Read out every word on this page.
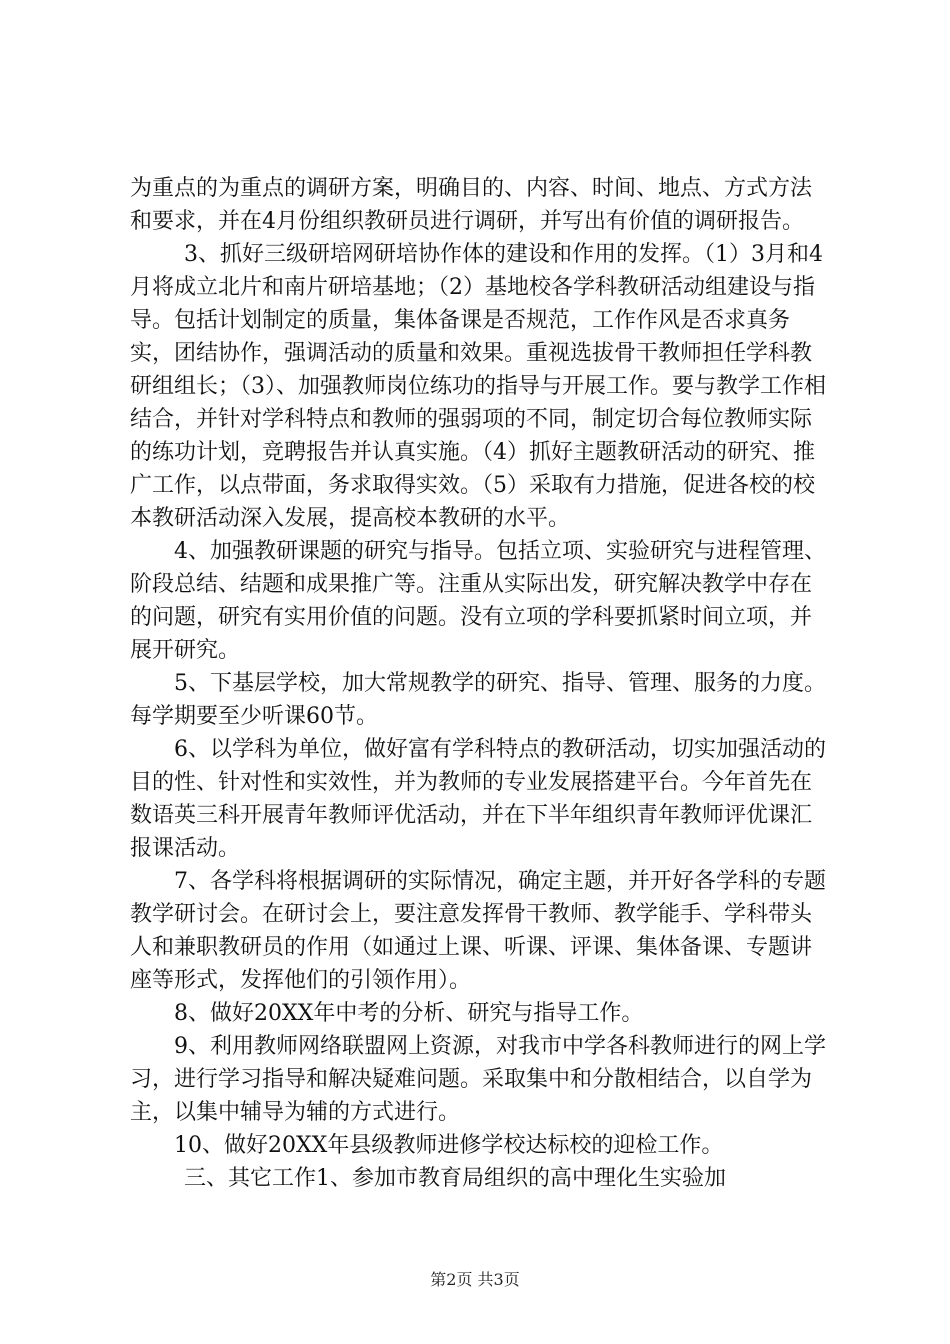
为重点的为重点的调研方案，明确目的、内容、时间、地点、方式方法和要求，并在4月份组织教研员进行调研，并写出有价值的调研报告。

3、抓好三级研培网研培协作体的建设和作用的发挥。（1）3月和4月将成立北片和南片研培基地；（2）基地校各学科教研活动组建设与指导。包括计划制定的质量，集体备课是否规范，工作作风是否求真务实，团结协作，强调活动的质量和效果。重视选拔骨干教师担任学科教研组组长；（3）、加强教师岗位练功的指导与开展工作。要与教学工作相结合，并针对学科特点和教师的强弱项的不同，制定切合每位教师实际的练功计划，竞聘报告并认真实施。（4）抓好主题教研活动的研究、推广工作，以点带面，务求取得实效。（5）采取有力措施，促进各校的校本教研活动深入发展，提高校本教研的水平。

4、加强教研课题的研究与指导。包括立项、实验研究与进程管理、阶段总结、结题和成果推广等。注重从实际出发，研究解决教学中存在的问题，研究有实用价值的问题。没有立项的学科要抓紧时间立项，并展开研究。

5、下基层学校，加大常规教学的研究、指导、管理、服务的力度。每学期要至少听课60节。

6、以学科为单位，做好富有学科特点的教研活动，切实加强活动的目的性、针对性和实效性，并为教师的专业发展搭建平台。今年首先在数语英三科开展青年教师评优活动，并在下半年组织青年教师评优课汇报课活动。

7、各学科将根据调研的实际情况，确定主题，并开好各学科的专题教学研讨会。在研讨会上，要注意发挥骨干教师、教学能手、学科带头人和兼职教研员的作用（如通过上课、听课、评课、集体备课、专题讲座等形式，发挥他们的引领作用）。

8、做好20XX年中考的分析、研究与指导工作。

9、利用教师网络联盟网上资源，对我市中学各科教师进行的网上学习，进行学习指导和解决疑难问题。采取集中和分散相结合，以自学为主，以集中辅导为辅的方式进行。

10、做好20XX年县级教师进修学校达标校的迎检工作。

三、其它工作1、参加市教育局组织的高中理化生实验加

第2页 共3页
